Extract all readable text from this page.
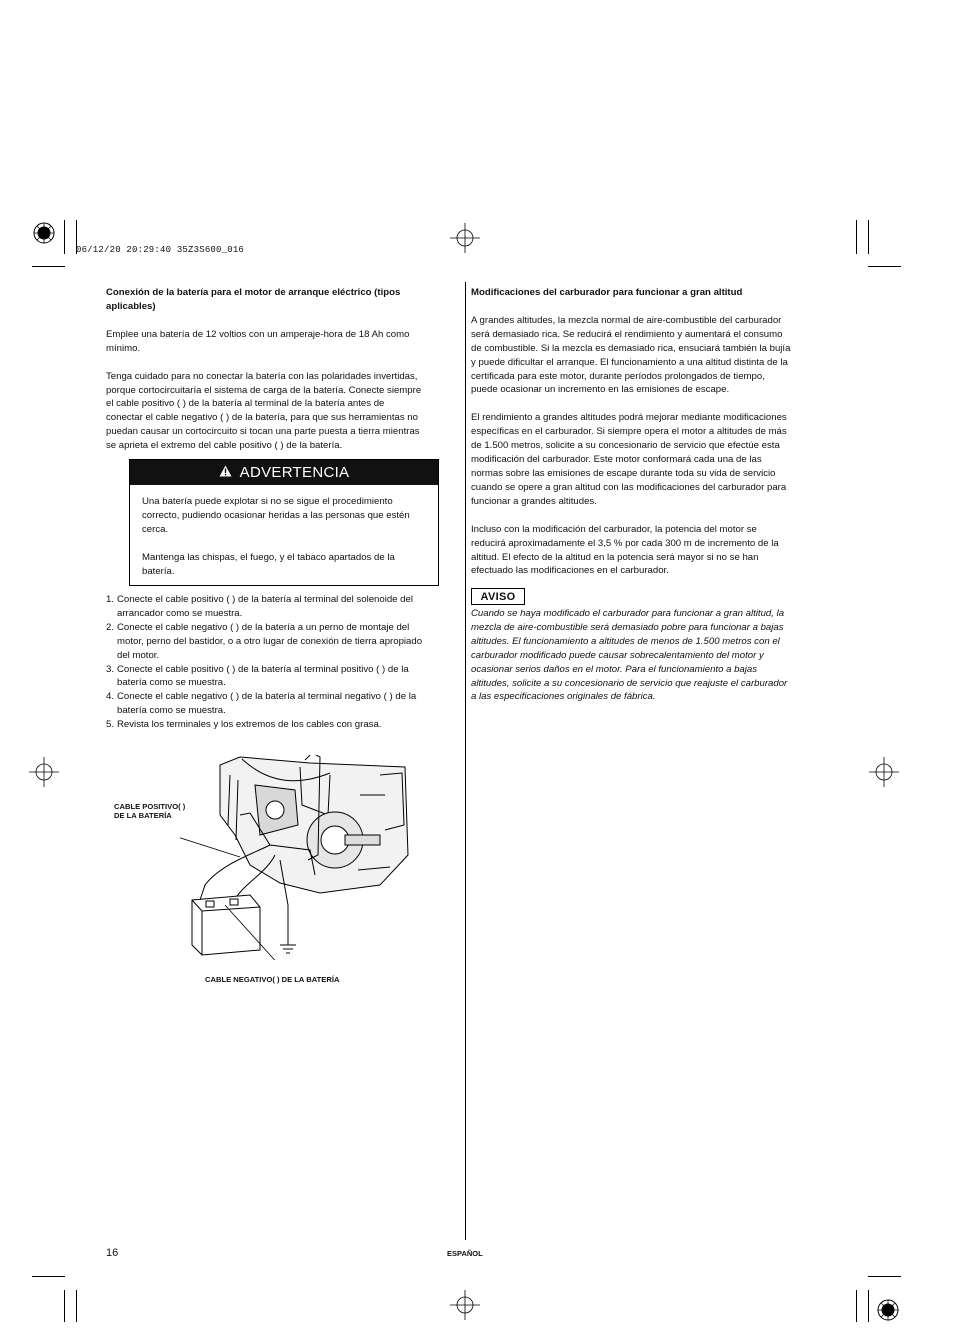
06/12/20 20:29:40 35Z3S600_016

Conexión de la batería para el motor de arranque eléctrico (tipos aplicables)

Emplee una batería de 12 voltios con un amperaje-hora de 18 Ah como mínimo.

Tenga cuidado para no conectar la batería con las polaridades invertidas,

porque cortocircuitaría el sistema de carga de la batería. Conecte siempre

el cable positivo ( ) de la batería al terminal de la batería antes de

conectar el cable negativo ( ) de la batería, para que sus herramientas no

puedan causar un cortocircuito si tocan una parte puesta a tierra mientras

se aprieta el extremo del cable positivo ( ) de la batería.

ADVERTENCIA

Una batería puede explotar si no se sigue el procedimiento correcto, pudiendo ocasionar heridas a las personas que estén cerca.

Mantenga las chispas, el fuego, y el tabaco apartados de la batería.

1. Conecte el cable positivo ( ) de la batería al terminal del solenoide del
arrancador como se muestra.
2. Conecte el cable negativo ( ) de la batería a un perno de montaje del
motor, perno del bastidor, o a otro lugar de conexión de tierra apropiado
del motor.
3. Conecte el cable positivo ( ) de la batería al terminal positivo ( ) de la
batería como se muestra.
4. Conecte el cable negativo ( ) de la batería al terminal negativo ( ) de la
batería como se muestra.
5. Revista los terminales y los extremos de los cables con grasa.
CABLE POSITIVO( )
DE LA BATERÍA
CABLE NEGATIVO( ) DE LA BATERÍA

Modificaciones del carburador para funcionar a gran altitud

A grandes altitudes, la mezcla normal de aire-combustible del carburador

será demasiado rica. Se reducirá el rendimiento y aumentará el consumo

de combustible. Si la mezcla es demasiado rica, ensuciará también la bujía

y puede dificultar el arranque. El funcionamiento a una altitud distinta de la

certificada para este motor, durante períodos prolongados de tiempo,

puede ocasionar un incremento en las emisiones de escape.

El rendimiento a grandes altitudes podrá mejorar mediante modificaciones

específicas en el carburador. Si siempre opera el motor a altitudes de más

de 1.500 metros, solicite a su concesionario de servicio que efectúe esta

modificación del carburador. Este motor conformará cada una de las

normas sobre las emisiones de escape durante toda su vida de servicio

cuando se opere a gran altitud con las modificaciones del carburador para

funcionar a grandes altitudes.

Incluso con la modificación del carburador, la potencia del motor se

reducirá aproximadamente el 3,5 % por cada 300 m de incremento de la

altitud. El efecto de la altitud en la potencia será mayor si no se han

efectuado las modificaciones en el carburador.

AVISO

Cuando se haya modificado el carburador para funcionar a gran altitud, la

mezcla de aire-combustible será demasiado pobre para funcionar a bajas

altitudes. El funcionamiento a altitudes de menos de 1.500 metros con el

carburador modificado puede causar sobrecalentamiento del motor y

ocasionar serios daños en el motor. Para el funcionamiento a bajas

altitudes, solicite a su concesionario de servicio que reajuste el carburador

a las especificaciones originales de fábrica.

16	ESPAÑOL
